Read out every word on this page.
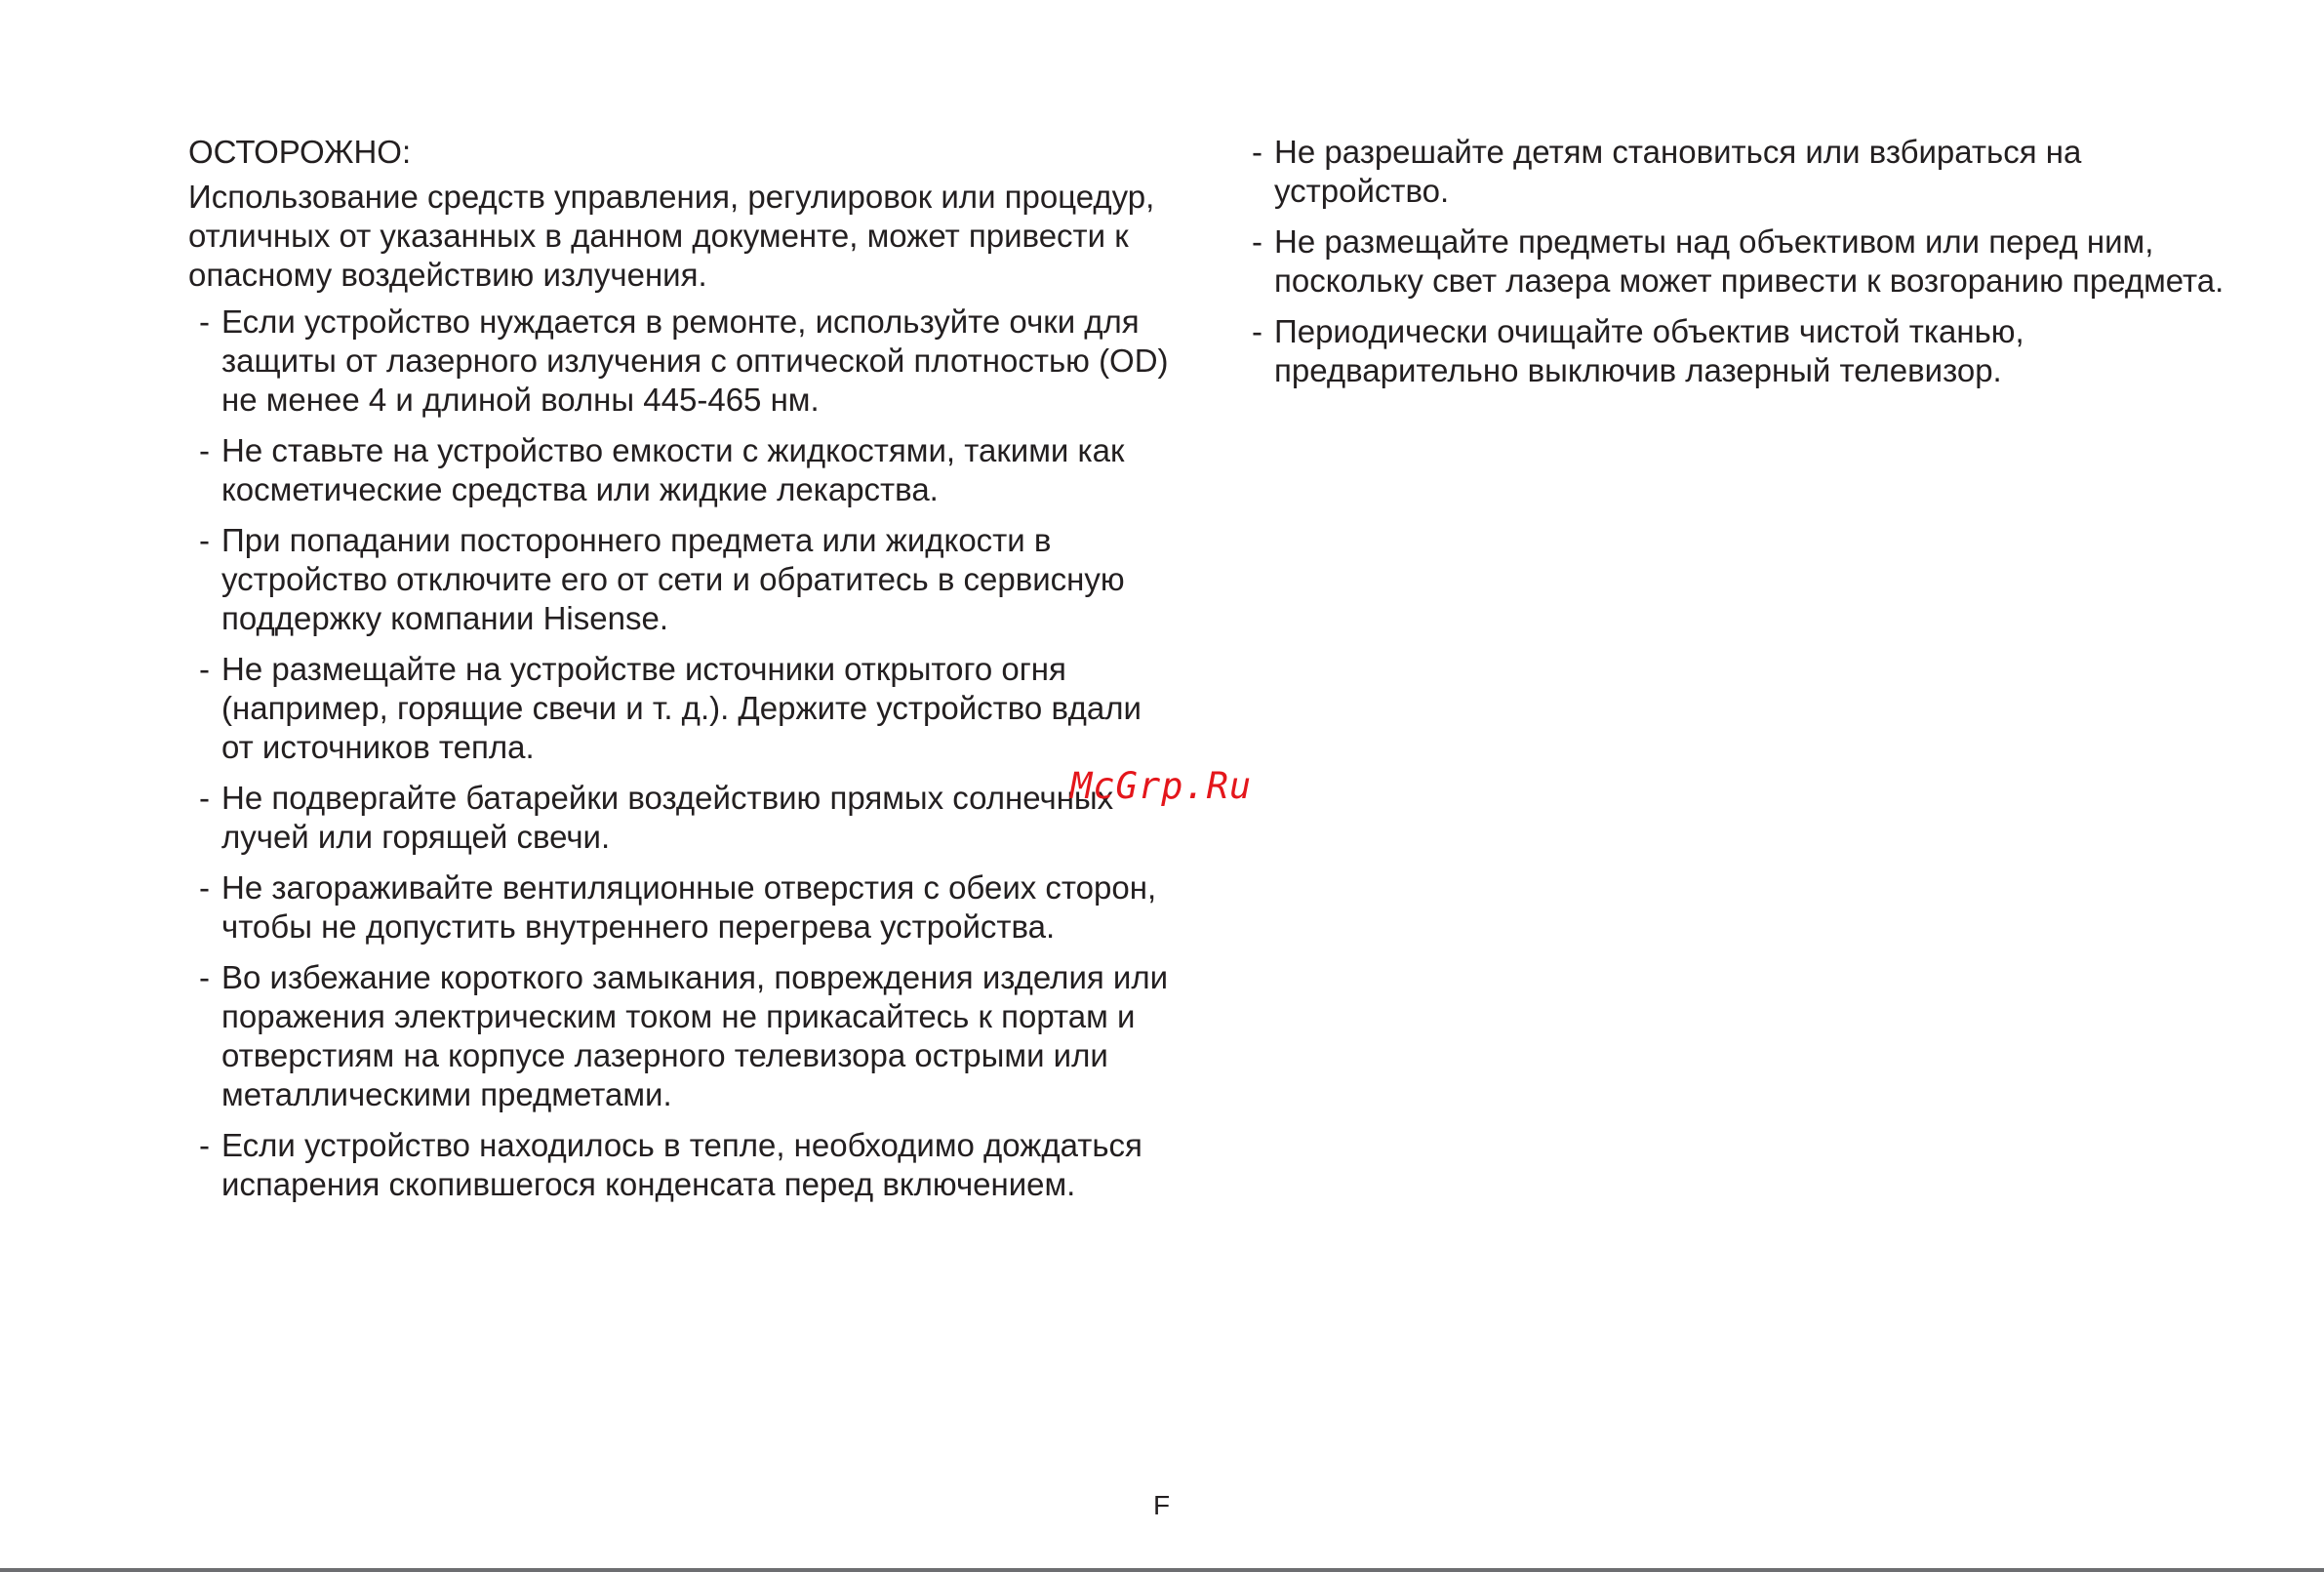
ОСТОРОЖНО:
Использование средств управления, регулировок или процедур, отличных от указанных в данном документе, может привести к опасному воздействию излучения.
- Если устройство нуждается в ремонте, используйте очки для защиты от лазерного излучения с оптической плотностью (OD) не менее 4 и длиной волны 445-465 нм.
- Не ставьте на устройство емкости с жидкостями, такими как косметические средства или жидкие лекарства.
- При попадании постороннего предмета или жидкости в устройство отключите его от сети и обратитесь в сервисную поддержку компании Hisense.
- Не размещайте на устройстве источники открытого огня (например, горящие свечи и т. д.). Держите устройство вдали от источников тепла.
- Не подвергайте батарейки воздействию прямых солнечных лучей или горящей свечи.
- Не загораживайте вентиляционные отверстия с обеих сторон, чтобы не допустить внутреннего перегрева устройства.
- Во избежание короткого замыкания, повреждения изделия или поражения электрическим током не прикасайтесь к портам и отверстиям на корпусе лазерного телевизора острыми или металлическими предметами.
- Если устройство находилось в тепле, необходимо дождаться испарения скопившегося конденсата перед включением.
- Не разрешайте детям становиться или взбираться на устройство.
- Не размещайте предметы над объективом или перед ним, поскольку свет лазера может привести к возгоранию предмета.
- Периодически очищайте объектив чистой тканью, предварительно выключив лазерный телевизор.
McGrp.Ru
F
